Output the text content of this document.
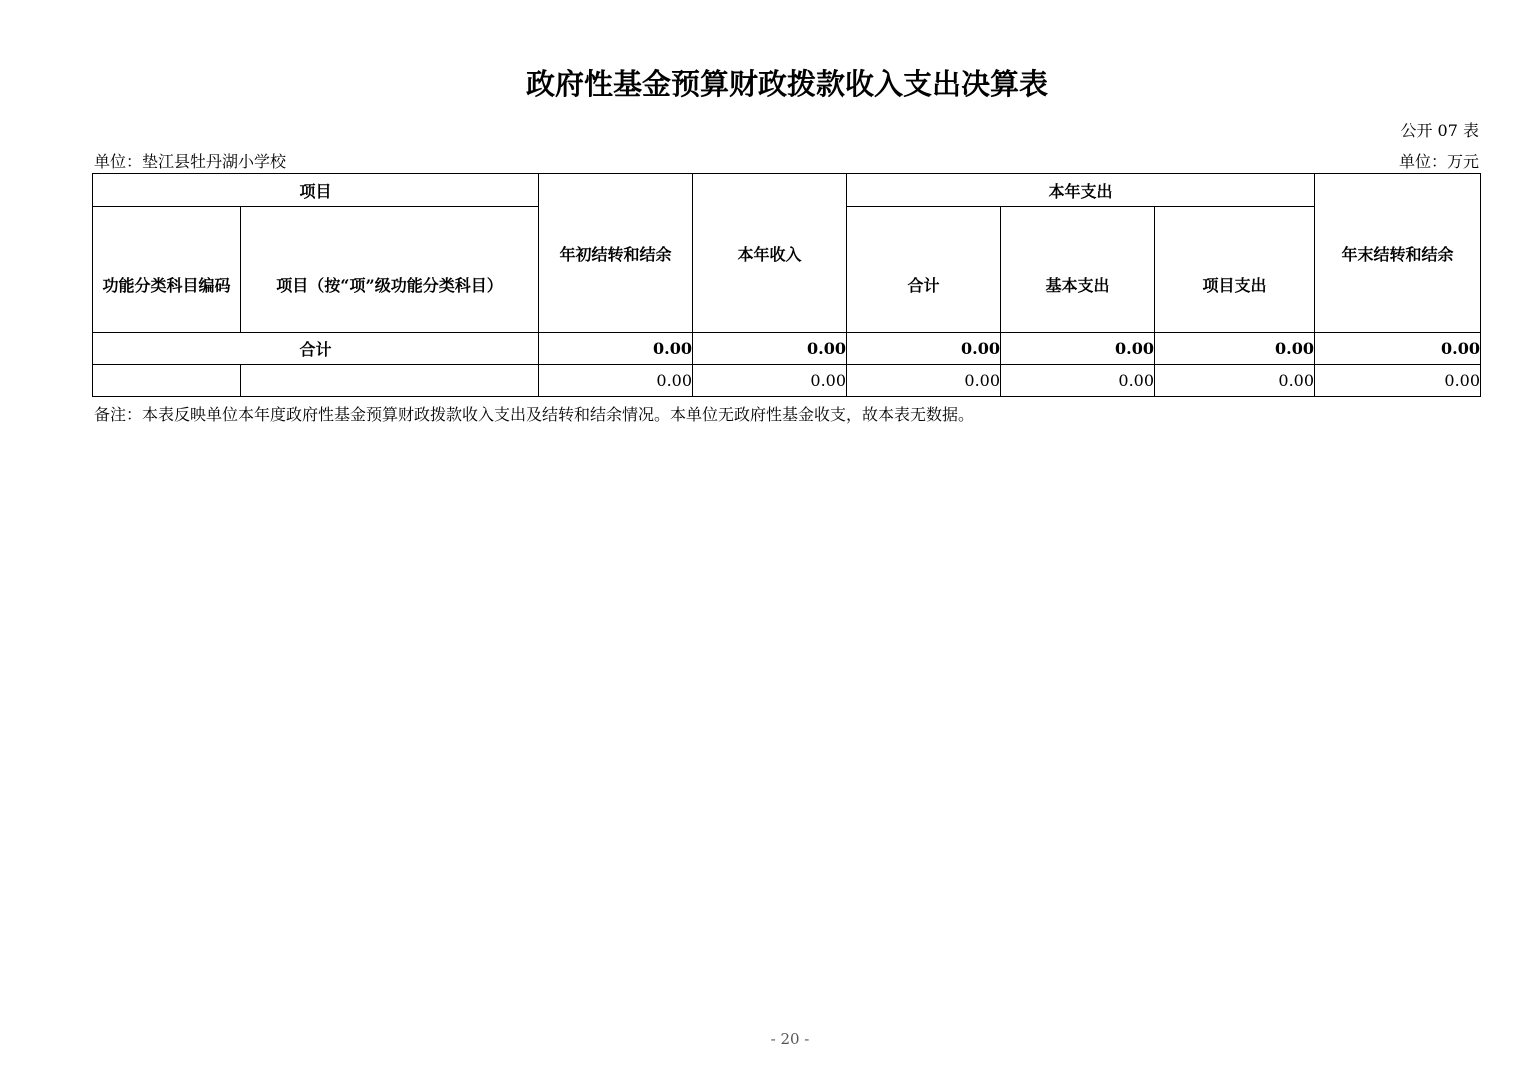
政府性基金预算财政拨款收入支出决算表
公开 07 表
单位：垫江县牡丹湖小学校	单位：万元
项目		年初结转和结余	本年收入	本年支出			年末结转和结余
功能分类科目编码	项目（按“项”级功能分类科目）			合计	基本支出	项目支出	
合计		0.00	0.00	0.00	0.00	0.00	0.00
		0.00	0.00	0.00	0.00	0.00	0.00
备注：本表反映单位本年度政府性基金预算财政拨款收入支出及结转和结余情况。本单位无政府性基金收支，故本表无数据。
- 20 -
